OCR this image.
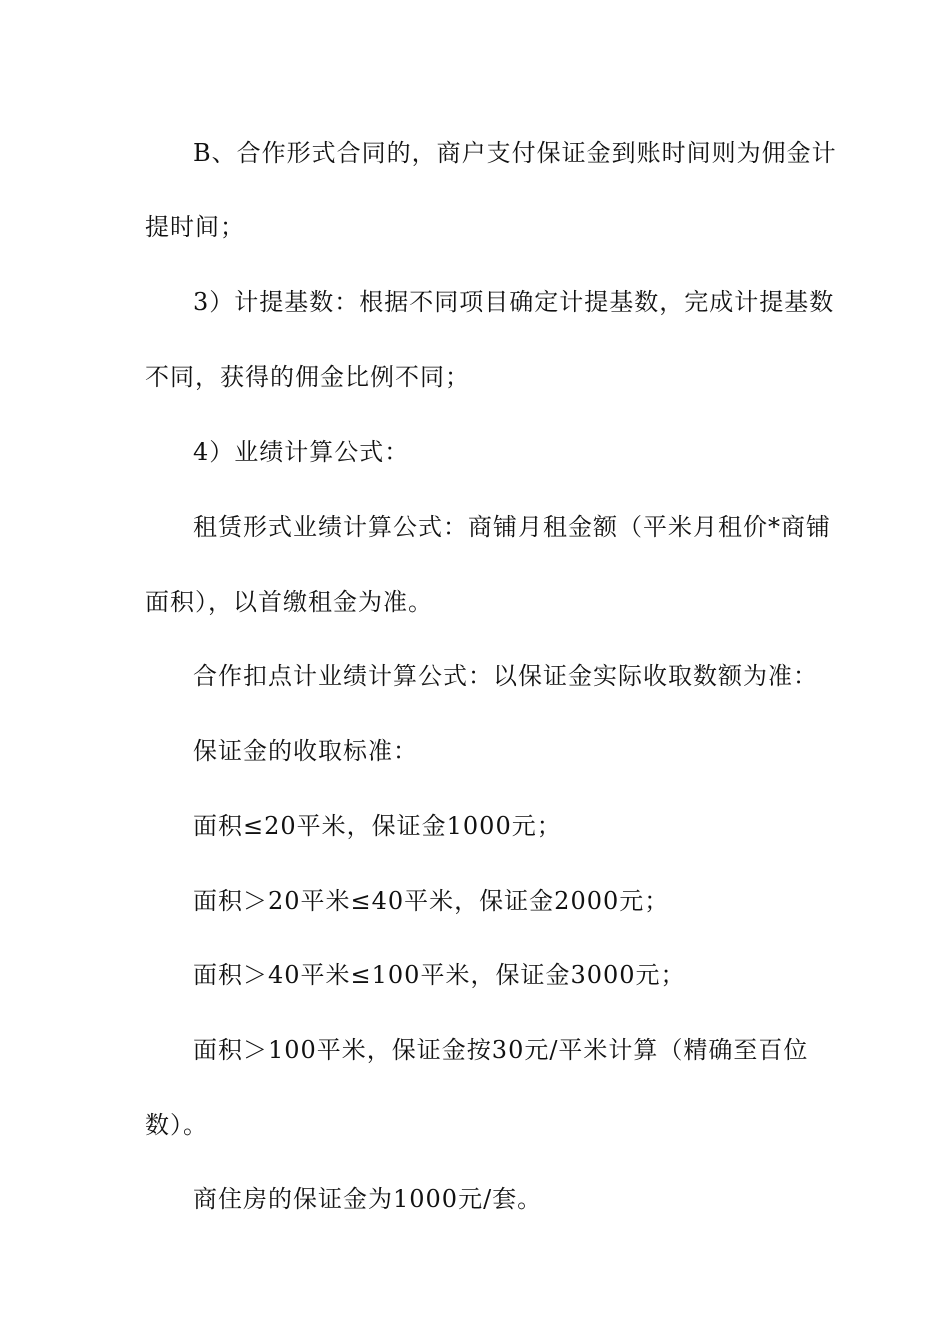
B、合作形式合同的，商户支付保证金到账时间则为佣金计
提时间；
3）计提基数：根据不同项目确定计提基数，完成计提基数
不同，获得的佣金比例不同；
4）业绩计算公式：
租赁形式业绩计算公式：商铺月租金额（平米月租价*商铺
面积），以首缴租金为准。
合作扣点计业绩计算公式：以保证金实际收取数额为准：
保证金的收取标准：
面积≤20平米，保证金1000元；
面积＞20平米≤40平米，保证金2000元；
面积＞40平米≤100平米，保证金3000元；
面积＞100平米，保证金按30元/平米计算（精确至百位
数）。
商住房的保证金为1000元/套。
